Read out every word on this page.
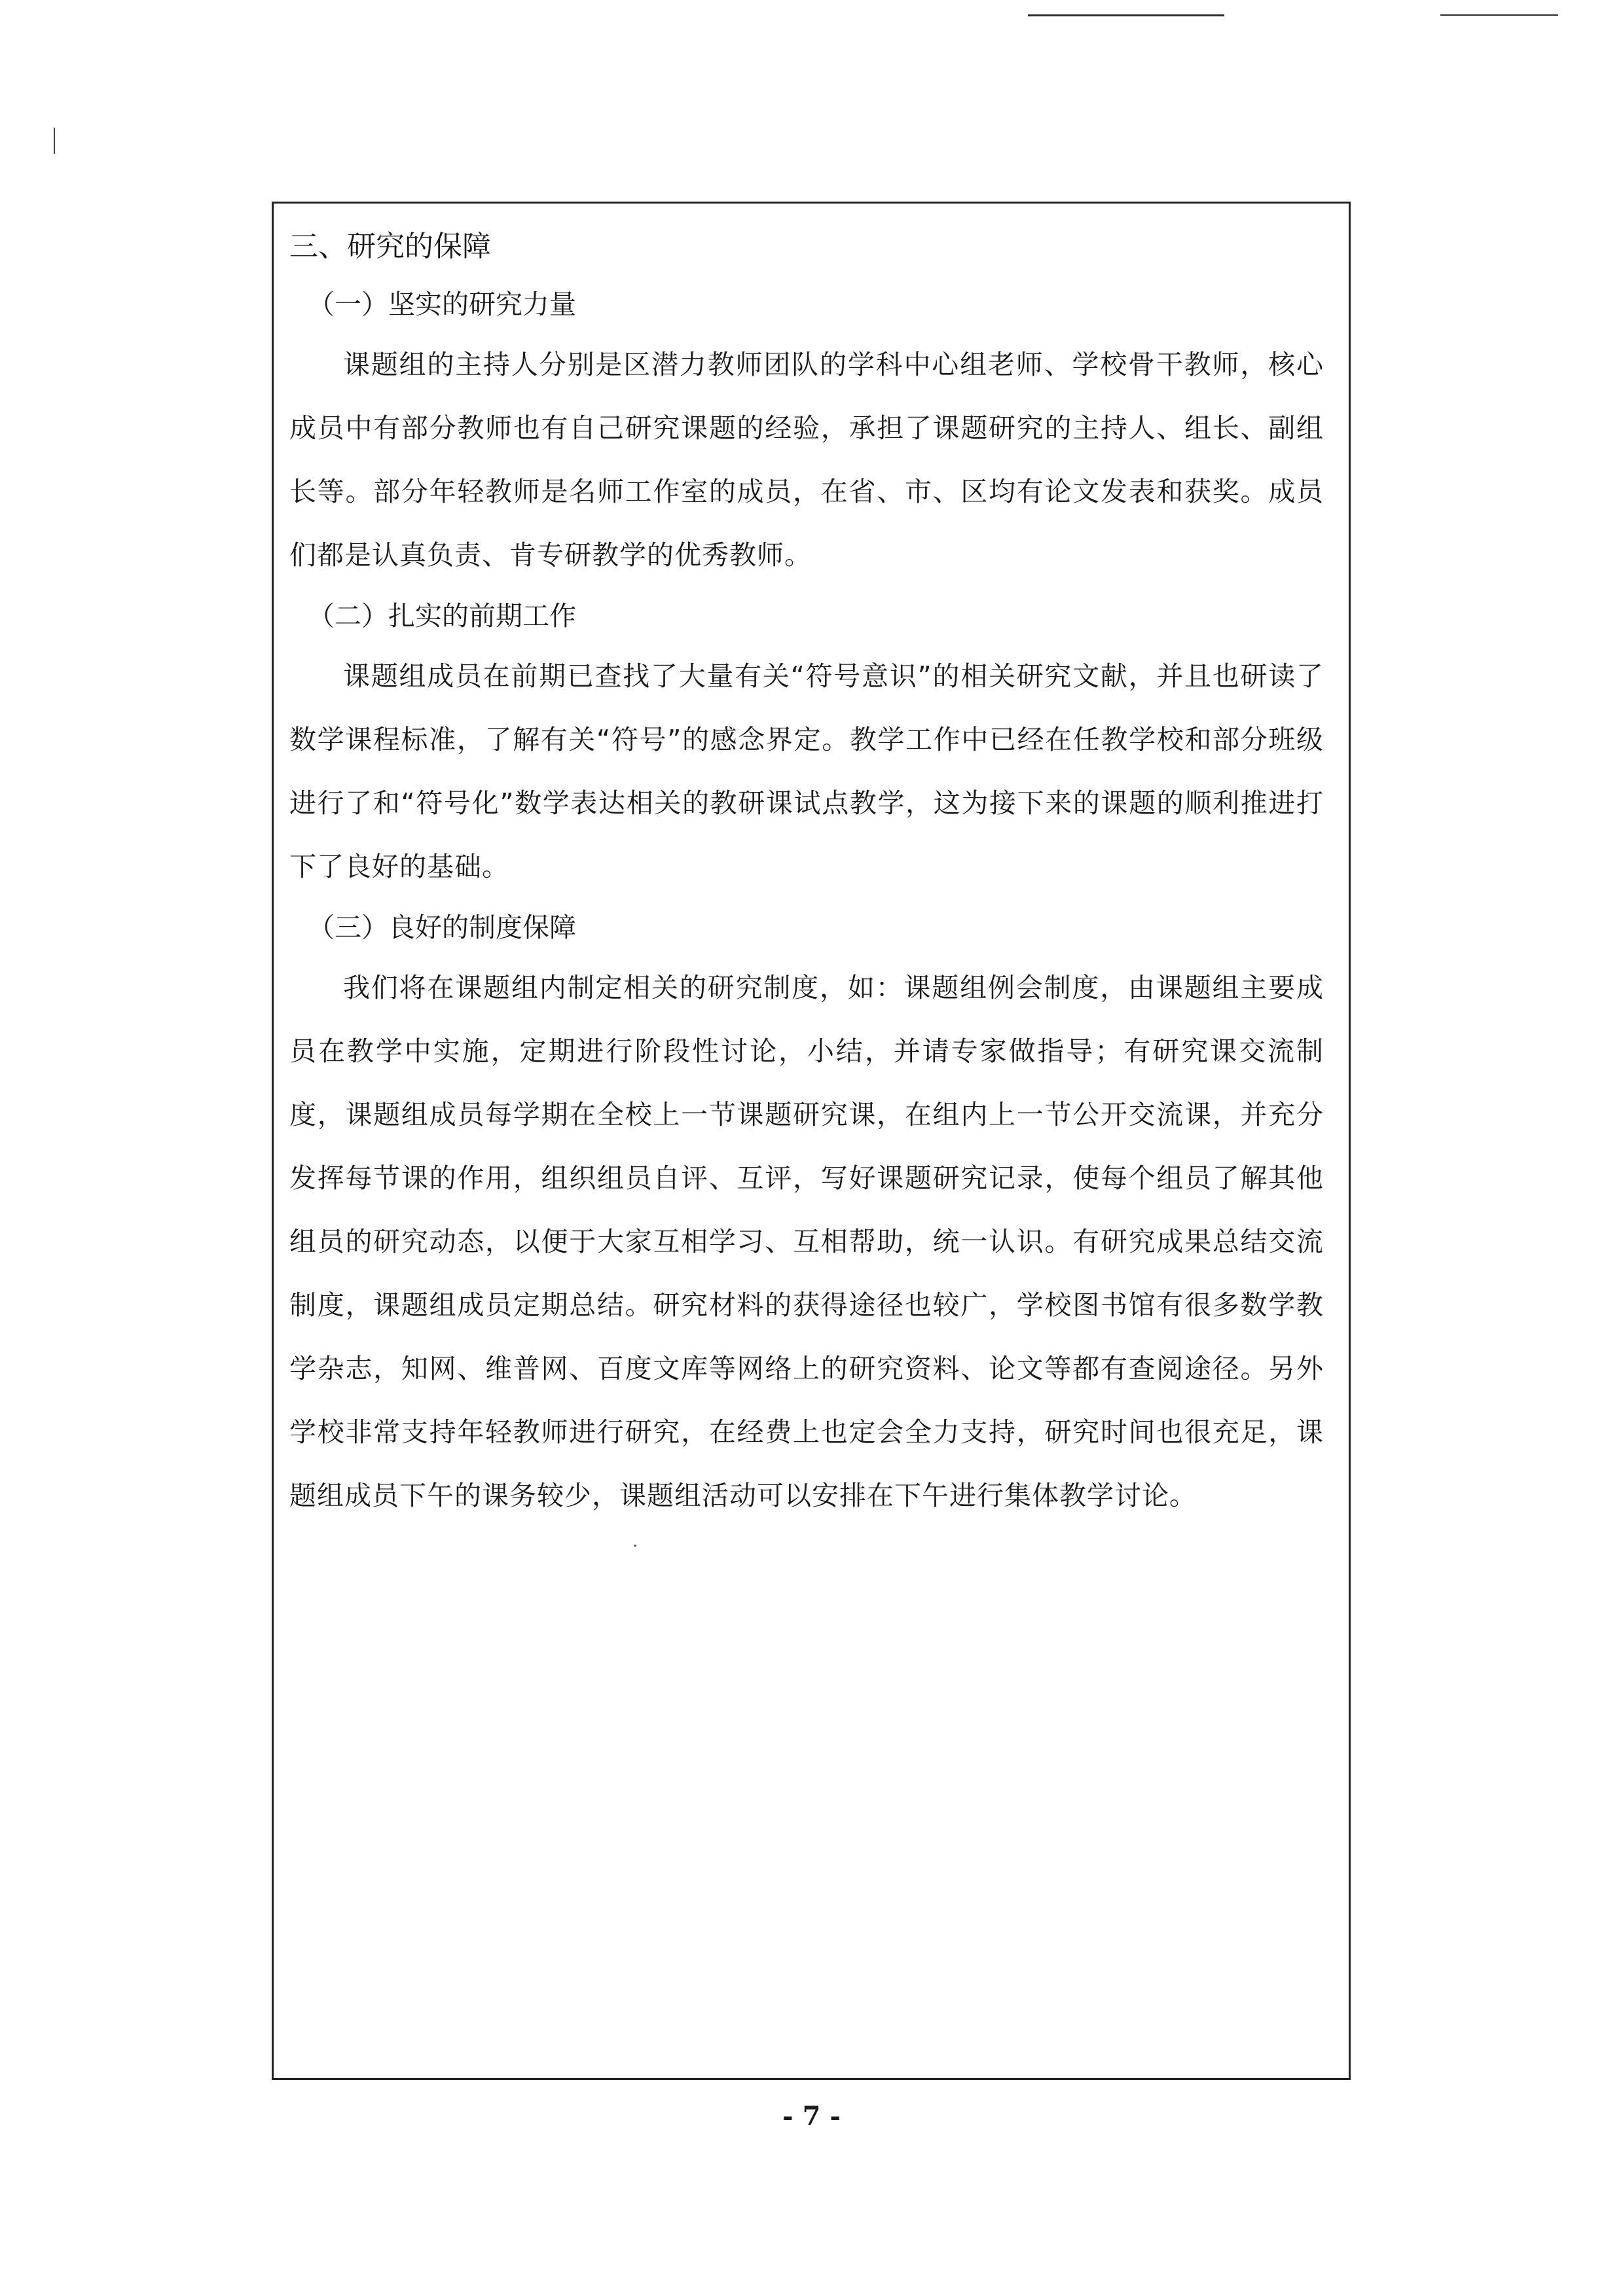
三、研究的保障
（一）坚实的研究力量
课题组的主持人分别是区潜力教师团队的学科中心组老师、学校骨干教师，核心成员中有部分教师也有自己研究课题的经验，承担了课题研究的主持人、组长、副组长等。部分年轻教师是名师工作室的成员，在省、市、区均有论文发表和获奖。成员们都是认真负责、肯专研教学的优秀教师。
（二）扎实的前期工作
课题组成员在前期已查找了大量有关“符号意识”的相关研究文献，并且也研读了数学课程标准，了解有关“符号”的感念界定。教学工作中已经在任教学校和部分班级进行了和“符号化”数学表达相关的教研课试点教学，这为接下来的课题的顺利推进打下了良好的基础。
（三）良好的制度保障
我们将在课题组内制定相关的研究制度，如：课题组例会制度，由课题组主要成员在教学中实施，定期进行阶段性讨论，小结，并请专家做指导；有研究课交流制度，课题组成员每学期在全校上一节课题研究课，在组内上一节公开交流课，并充分发挥每节课的作用，组织组员自评、互评，写好课题研究记录，使每个组员了解其他组员的研究动态，以便于大家互相学习、互相帮助，统一认识。有研究成果总结交流制度，课题组成员定期总结。研究材料的获得途径也较广，学校图书馆有很多数学教学杂志，知网、维普网、百度文库等网络上的研究资料、论文等都有查阅途径。另外学校非常支持年轻教师进行研究，在经费上也定会全力支持，研究时间也很充足，课题组成员下午的课务较少，课题组活动可以安排在下午进行集体教学讨论。
- 7 -
